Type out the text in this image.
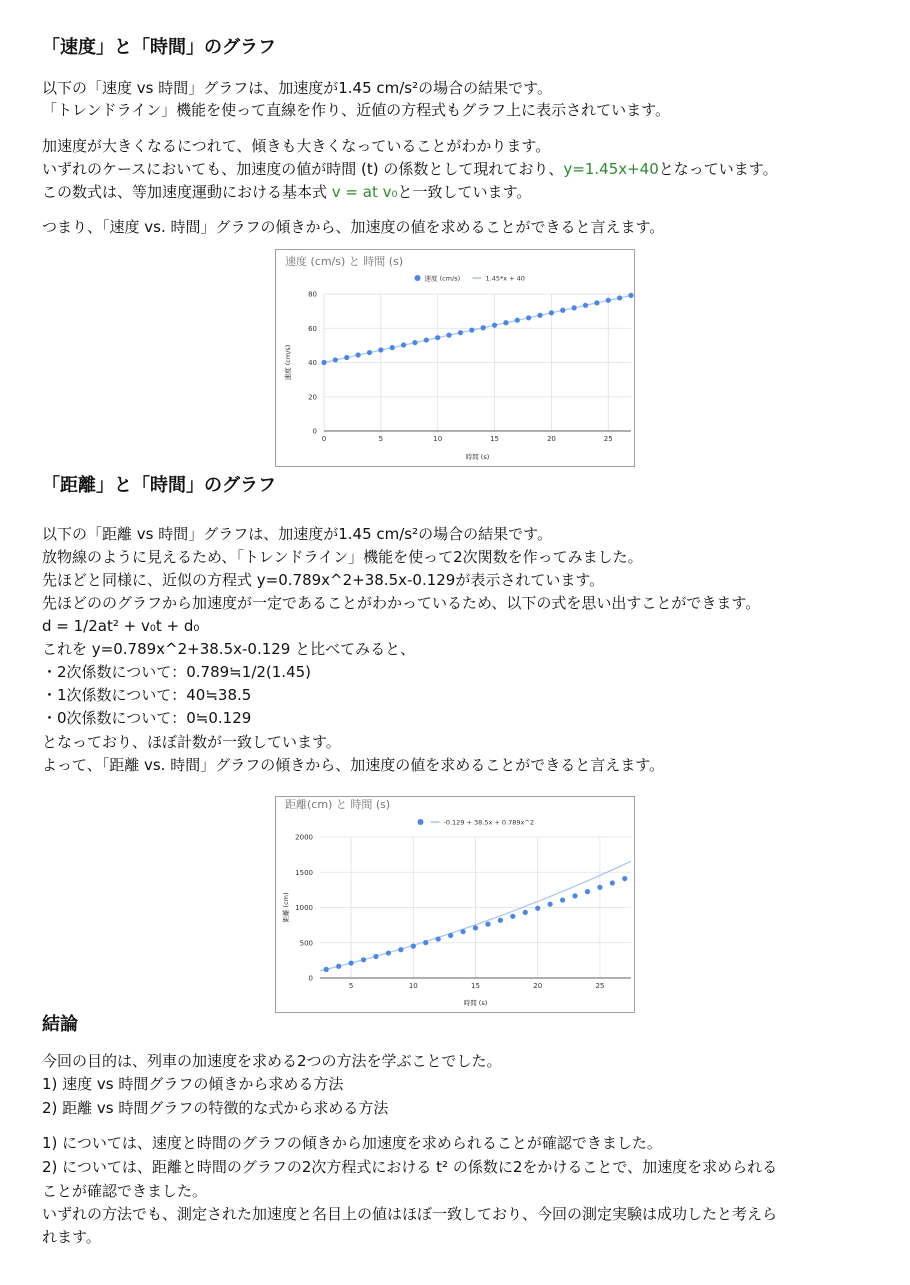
「速度」と「時間」のグラフ

以下の「速度 vs 時間」グラフは、加速度が1.45 cm/s²の場合の結果です。

「トレンドライン」機能を使って直線を作り、近値の方程式もグラフ上に表示されています。

加速度が大きくなるにつれて、傾きも大きくなっていることがわかります。

いずれのケースにおいても、加速度の値が時間 (t) の係数として現れており、y=1.45x+40となっています。

この数式は、等加速度運動における基本式 v = at v₀と一致しています。

つまり、「速度 vs. 時間」グラフの傾きから、加速度の値を求めることができると言えます。

速度 (cm/s) と 時間 (s)
0
20
40
60
80
0	5	10	15	20	25
時間 (s)
速度 (cm/s)
速度 (cm/s)	1.45*x + 40
「距離」と「時間」のグラフ

以下の「距離 vs 時間」グラフは、加速度が1.45 cm/s²の場合の結果です。

放物線のように見えるため、「トレンドライン」機能を使って2次関数を作ってみました。

先ほどと同様に、近似の方程式 y=0.789x^2+38.5x-0.129が表示されています。

先ほどののグラフから加速度が一定であることがわかっているため、以下の式を思い出すことができます。

d = 1/2at² + v₀t + d₀

これを y=0.789x^2+38.5x-0.129 と比べてみると、

・2次係数について：0.789≒1/2(1.45)

・1次係数について：40≒38.5

・0次係数について：0≒0.129

となっており、ほぼ計数が一致しています。

よって、「距離 vs. 時間」グラフの傾きから、加速度の値を求めることができると言えます。

距離(cm) と 時間 (s)
0
500
1000
1500
2000
5	10	15	20	25
時間 (s)
距離 (cm)
-0.129 + 38.5x + 0.789x^2
結論

今回の目的は、列車の加速度を求める2つの方法を学ぶことでした。

1) 速度 vs 時間グラフの傾きから求める方法

2) 距離 vs 時間グラフの特徴的な式から求める方法

1) については、速度と時間のグラフの傾きから加速度を求められることが確認できました。

2) については、距離と時間のグラフの2次方程式における t² の係数に2をかけることで、加速度を求められる

ことが確認できました。

いずれの方法でも、測定された加速度と名目上の値はほぼ一致しており、今回の測定実験は成功したと考えら

れます。
